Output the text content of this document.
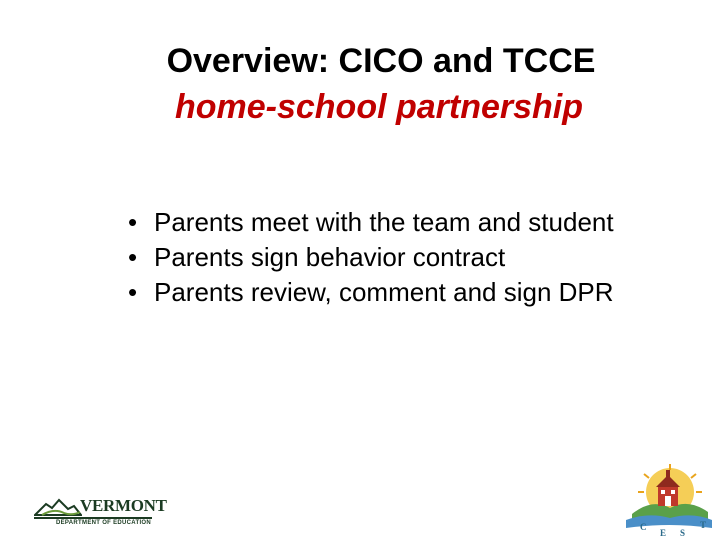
Overview: CICO and TCCE
home-school partnership
• Parents meet with the team and student
• Parents sign behavior contract
• Parents review, comment and sign DPR
VERMONT
DEPARTMENT OF EDUCATION	C
E S
T
